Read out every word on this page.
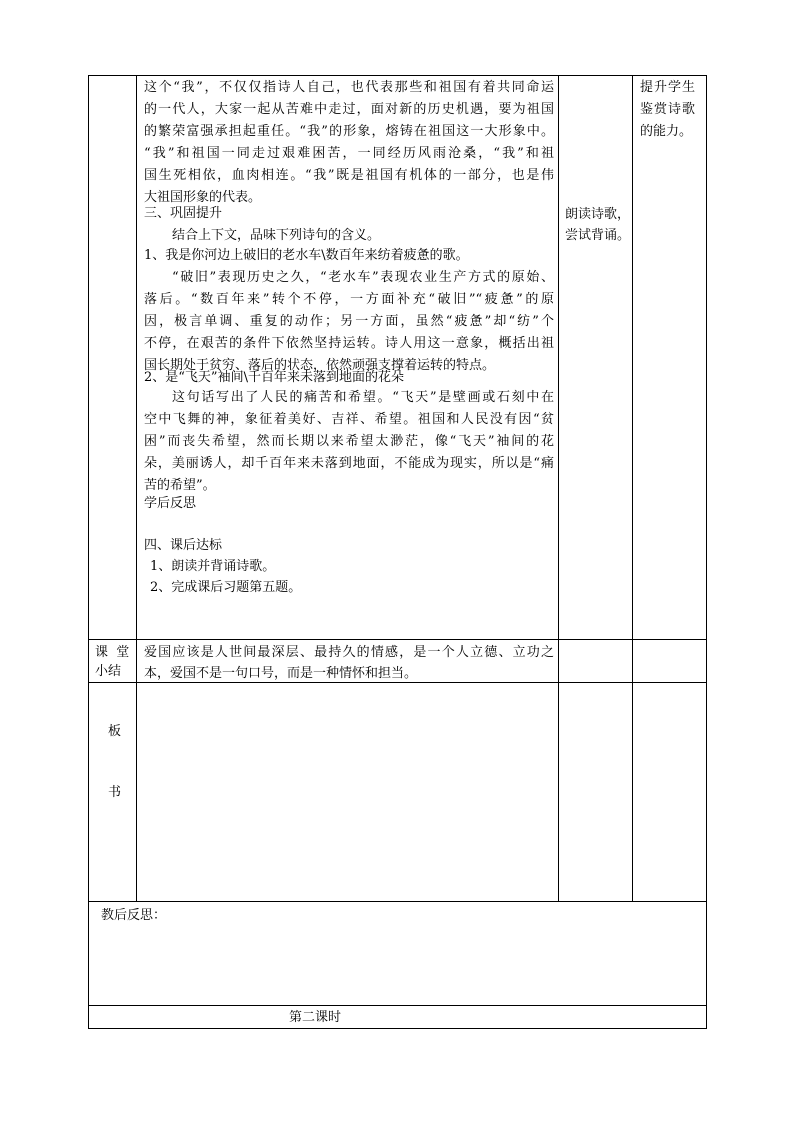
这个“我”，不仅仅指诗人自己，也代表那些和祖国有着共同命运
的一代人，大家一起从苦难中走过，面对新的历史机遇，要为祖国
的繁荣富强承担起重任。“我”的形象，熔铸在祖国这一大形象中。
“我”和祖国一同走过艰难困苦，一同经历风雨沧桑，“我”和祖
国生死相依，血肉相连。“我”既是祖国有机体的一部分，也是伟
大祖国形象的代表。
三、巩固提升
结合上下文，品味下列诗句的含义。
1、我是你河边上破旧的老水车\数百年来纺着疲惫的歌。
“破旧”表现历史之久，“老水车”表现农业生产方式的原始、
落后。“数百年来”转个不停，一方面补充“破旧”“疲惫”的原
因，极言单调、重复的动作；另一方面，虽然“疲惫”却“纺”个
不停，在艰苦的条件下依然坚持运转。诗人用这一意象，概括出祖
国长期处于贫穷、落后的状态，依然顽强支撑着运转的特点。
2、是“飞天”袖间\千百年来未落到地面的花朵
这句话写出了人民的痛苦和希望。“飞天”是壁画或石刻中在
空中飞舞的神，象征着美好、吉祥、希望。祖国和人民没有因“贫
困”而丧失希望，然而长期以来希望太渺茫，像“飞天”袖间的花
朵，美丽诱人，却千百年来未落到地面，不能成为现实，所以是“痛
苦的希望”。
学后反思
四、课后达标
1、朗读并背诵诗歌。
2、完成课后习题第五题。
朗读诗歌，
尝试背诵。
提升学生
鉴赏诗歌
的能力。
课  堂
小结
爱国应该是人世间最深层、最持久的情感，是一个人立德、立功之
本，爱国不是一句口号，而是一种情怀和担当。
板
书
教后反思：
第二课时
